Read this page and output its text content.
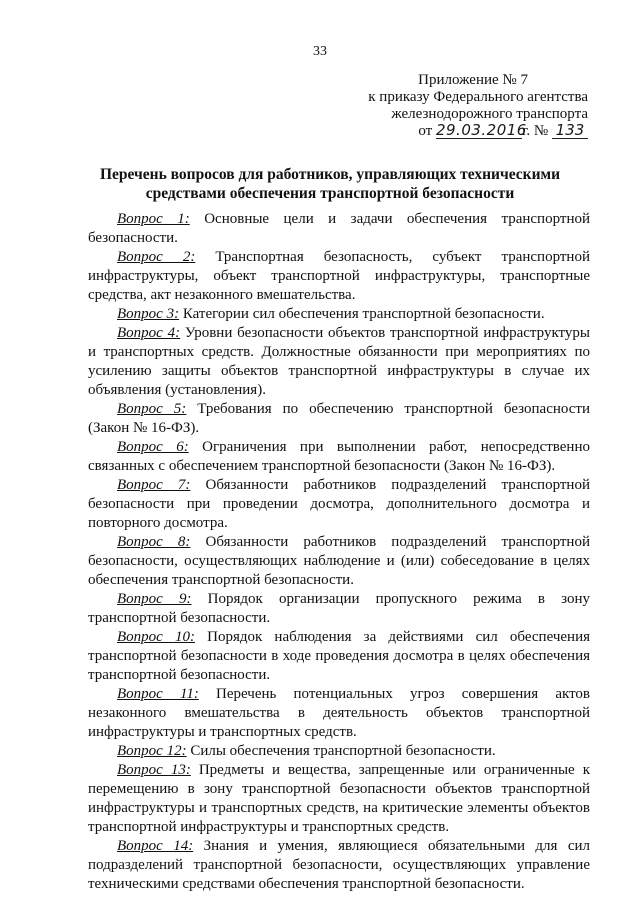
33
Приложение № 7
к приказу Федерального агентства
железнодорожного транспорта
от 29.03.2016г. № 133
Перечень вопросов для работников, управляющих техническими средствами обеспечения транспортной безопасности

Вопрос 1: Основные цели и задачи обеспечения транспортной безопасности.

Вопрос 2: Транспортная безопасность, субъект транспортной инфраструктуры, объект транспортной инфраструктуры, транспортные средства, акт незаконного вмешательства.

Вопрос 3: Категории сил обеспечения транспортной безопасности.

Вопрос 4: Уровни безопасности объектов транспортной инфраструктуры и транспортных средств. Должностные обязанности при мероприятиях по усилению защиты объектов транспортной инфраструктуры в случае их объявления (установления).

Вопрос 5: Требования по обеспечению транспортной безопасности (Закон № 16-ФЗ).

Вопрос 6: Ограничения при выполнении работ, непосредственно связанных с обеспечением транспортной безопасности (Закон № 16-ФЗ).

Вопрос 7: Обязанности работников подразделений транспортной безопасности при проведении досмотра, дополнительного досмотра и повторного досмотра.

Вопрос 8: Обязанности работников подразделений транспортной безопасности, осуществляющих наблюдение и (или) собеседование в целях обеспечения транспортной безопасности.

Вопрос 9: Порядок организации пропускного режима в зону транспортной безопасности.

Вопрос 10: Порядок наблюдения за действиями сил обеспечения транспортной безопасности в ходе проведения досмотра в целях обеспечения транспортной безопасности.

Вопрос 11: Перечень потенциальных угроз совершения актов незаконного вмешательства в деятельность объектов транспортной инфраструктуры и транспортных средств.

Вопрос 12: Силы обеспечения транспортной безопасности.

Вопрос 13: Предметы и вещества, запрещенные или ограниченные к перемещению в зону транспортной безопасности объектов транспортной инфраструктуры и транспортных средств, на критические элементы объектов транспортной инфраструктуры и транспортных средств.

Вопрос 14: Знания и умения, являющиеся обязательными для сил подразделений транспортной безопасности, осуществляющих управление техническими средствами обеспечения транспортной безопасности.
